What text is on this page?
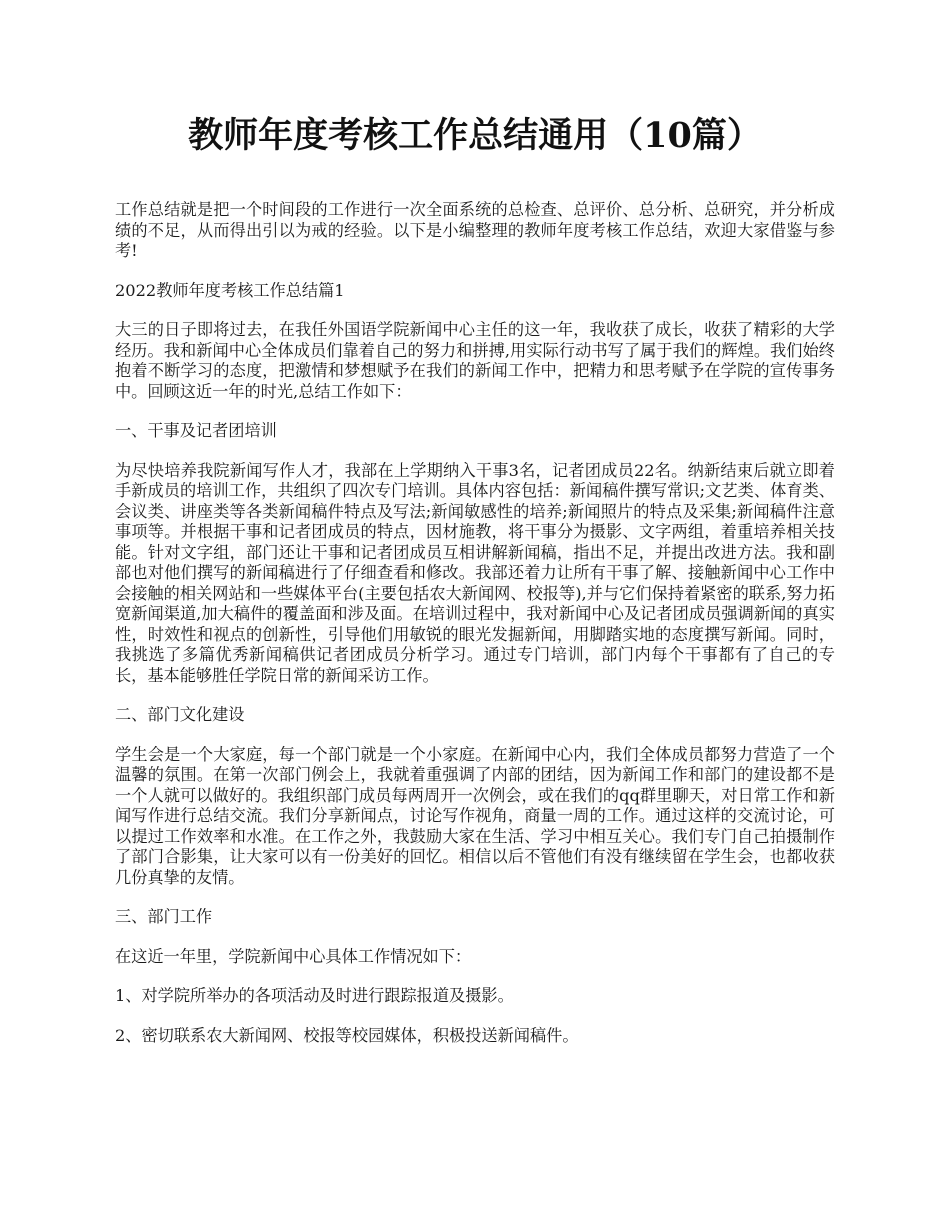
教师年度考核工作总结通用（10篇）

工作总结就是把一个时间段的工作进行一次全面系统的总检查、总评价、总分析、总研究，并分析成绩的不足，从而得出引以为戒的经验。以下是小编整理的教师年度考核工作总结，欢迎大家借鉴与参考!

2022教师年度考核工作总结篇1

大三的日子即将过去，在我任外国语学院新闻中心主任的这一年，我收获了成长，收获了精彩的大学经历。我和新闻中心全体成员们靠着自己的努力和拼搏,用实际行动书写了属于我们的辉煌。我们始终抱着不断学习的态度，把激情和梦想赋予在我们的新闻工作中，把精力和思考赋予在学院的宣传事务中。回顾这近一年的时光,总结工作如下：

一、干事及记者团培训

为尽快培养我院新闻写作人才，我部在上学期纳入干事3名，记者团成员22名。纳新结束后就立即着手新成员的培训工作，共组织了四次专门培训。具体内容包括：新闻稿件撰写常识;文艺类、体育类、会议类、讲座类等各类新闻稿件特点及写法;新闻敏感性的培养;新闻照片的特点及采集;新闻稿件注意事项等。并根据干事和记者团成员的特点，因材施教，将干事分为摄影、文字两组，着重培养相关技能。针对文字组，部门还让干事和记者团成员互相讲解新闻稿，指出不足，并提出改进方法。我和副部也对他们撰写的新闻稿进行了仔细查看和修改。我部还着力让所有干事了解、接触新闻中心工作中会接触的相关网站和一些媒体平台(主要包括农大新闻网、校报等),并与它们保持着紧密的联系,努力拓宽新闻渠道,加大稿件的覆盖面和涉及面。在培训过程中，我对新闻中心及记者团成员强调新闻的真实性，时效性和视点的创新性，引导他们用敏锐的眼光发掘新闻，用脚踏实地的态度撰写新闻。同时，我挑选了多篇优秀新闻稿供记者团成员分析学习。通过专门培训，部门内每个干事都有了自己的专长，基本能够胜任学院日常的新闻采访工作。

二、部门文化建设

学生会是一个大家庭，每一个部门就是一个小家庭。在新闻中心内，我们全体成员都努力营造了一个温馨的氛围。在第一次部门例会上，我就着重强调了内部的团结，因为新闻工作和部门的建设都不是一个人就可以做好的。我组织部门成员每两周开一次例会，或在我们的qq群里聊天，对日常工作和新闻写作进行总结交流。我们分享新闻点，讨论写作视角，商量一周的工作。通过这样的交流讨论，可以提过工作效率和水准。在工作之外，我鼓励大家在生活、学习中相互关心。我们专门自己拍摄制作了部门合影集，让大家可以有一份美好的回忆。相信以后不管他们有没有继续留在学生会，也都收获几份真挚的友情。

三、部门工作

在这近一年里，学院新闻中心具体工作情况如下：

1、对学院所举办的各项活动及时进行跟踪报道及摄影。

2、密切联系农大新闻网、校报等校园媒体，积极投送新闻稿件。
